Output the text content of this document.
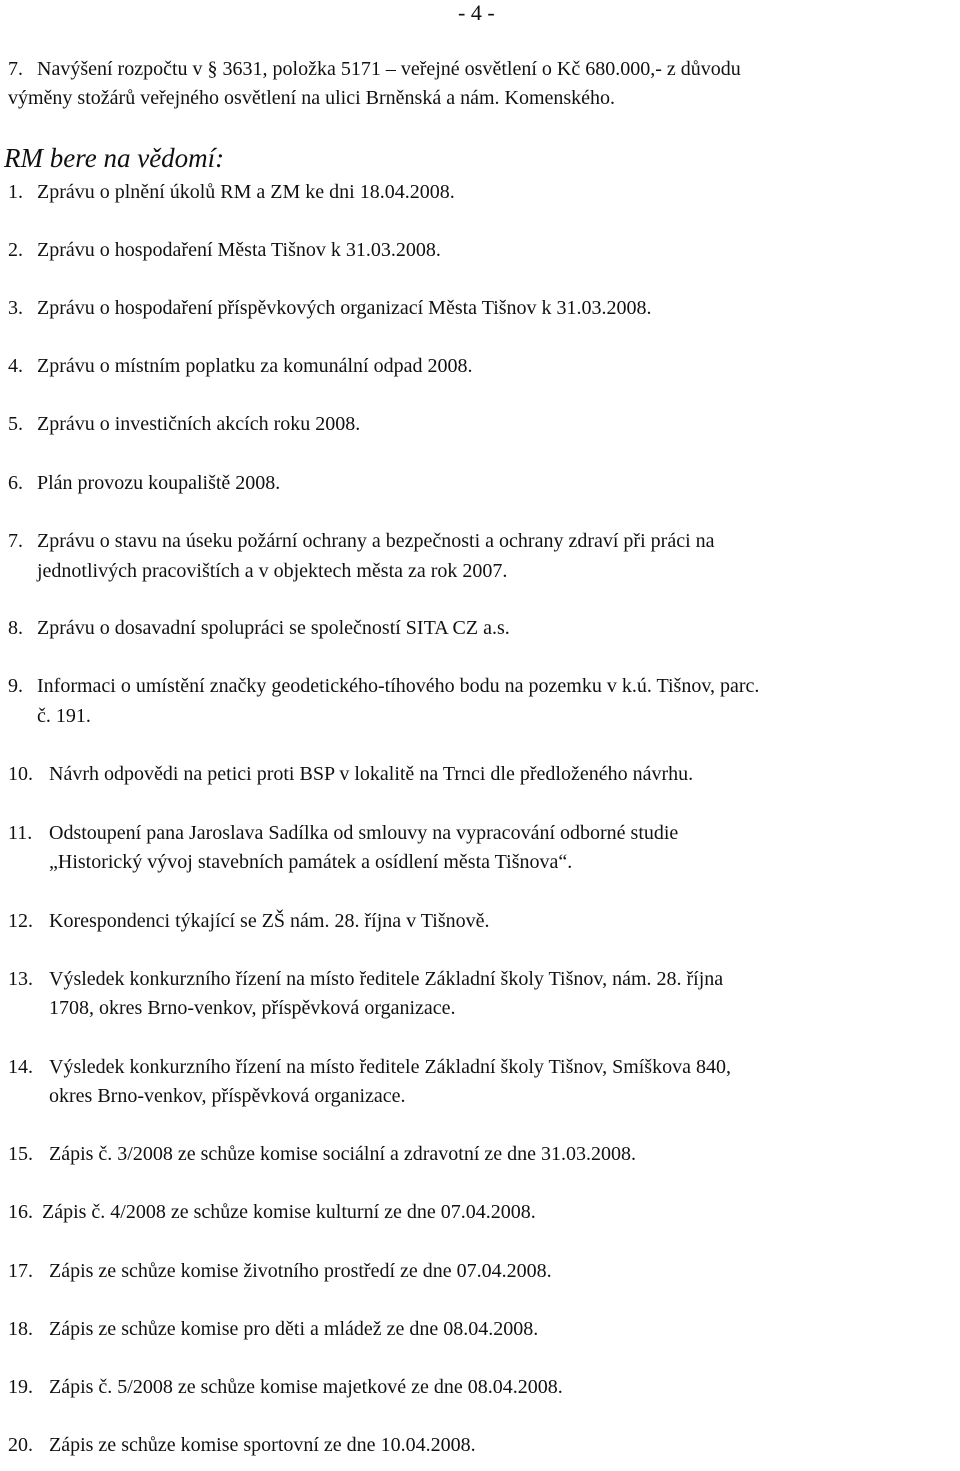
- 4 -
7. Navýšení rozpočtu v § 3631, položka 5171 – veřejné osvětlení o Kč 680.000,- z důvodu
výměny stožárů veřejného osvětlení na ulici Brněnská a nám. Komenského.
RM bere na vědomí:
1. Zprávu o plnění úkolů RM a ZM ke dni 18.04.2008.
2. Zprávu o hospodaření Města Tišnov k 31.03.2008.
3. Zprávu o hospodaření příspěvkových organizací Města Tišnov k 31.03.2008.
4. Zprávu o místním poplatku za komunální odpad 2008.
5. Zprávu o investičních akcích roku 2008.
6. Plán provozu koupaliště 2008.
7. Zprávu o stavu na úseku požární ochrany a bezpečnosti a ochrany zdraví při práci na
jednotlivých pracovištích a v objektech města za rok 2007.
8. Zprávu o dosavadní spolupráci se společností SITA CZ a.s.
9. Informaci o umístění značky geodetického-tíhového bodu na pozemku v k.ú. Tišnov, parc.
č. 191.
10. Návrh odpovědi na petici proti BSP v lokalitě na Trnci dle předloženého návrhu.
11. Odstoupení pana Jaroslava Sadílka od smlouvy na vypracování odborné studie
„Historický vývoj stavebních památek a osídlení města Tišnova“.
12. Korespondenci týkající se ZŠ nám. 28. října v Tišnově.
13. Výsledek konkurzního řízení na místo ředitele Základní školy Tišnov, nám. 28. října
1708, okres Brno-venkov, příspěvková organizace.
14. Výsledek konkurzního řízení na místo ředitele Základní školy Tišnov, Smíškova 840,
okres Brno-venkov, příspěvková organizace.
15. Zápis č. 3/2008 ze schůze komise sociální a zdravotní ze dne 31.03.2008.
16. Zápis č. 4/2008 ze schůze komise kulturní ze dne 07.04.2008.
17. Zápis ze schůze komise životního prostředí ze dne 07.04.2008.
18. Zápis ze schůze komise pro děti a mládež ze dne 08.04.2008.
19. Zápis č. 5/2008 ze schůze komise majetkové ze dne 08.04.2008.
20. Zápis ze schůze komise sportovní ze dne 10.04.2008.
